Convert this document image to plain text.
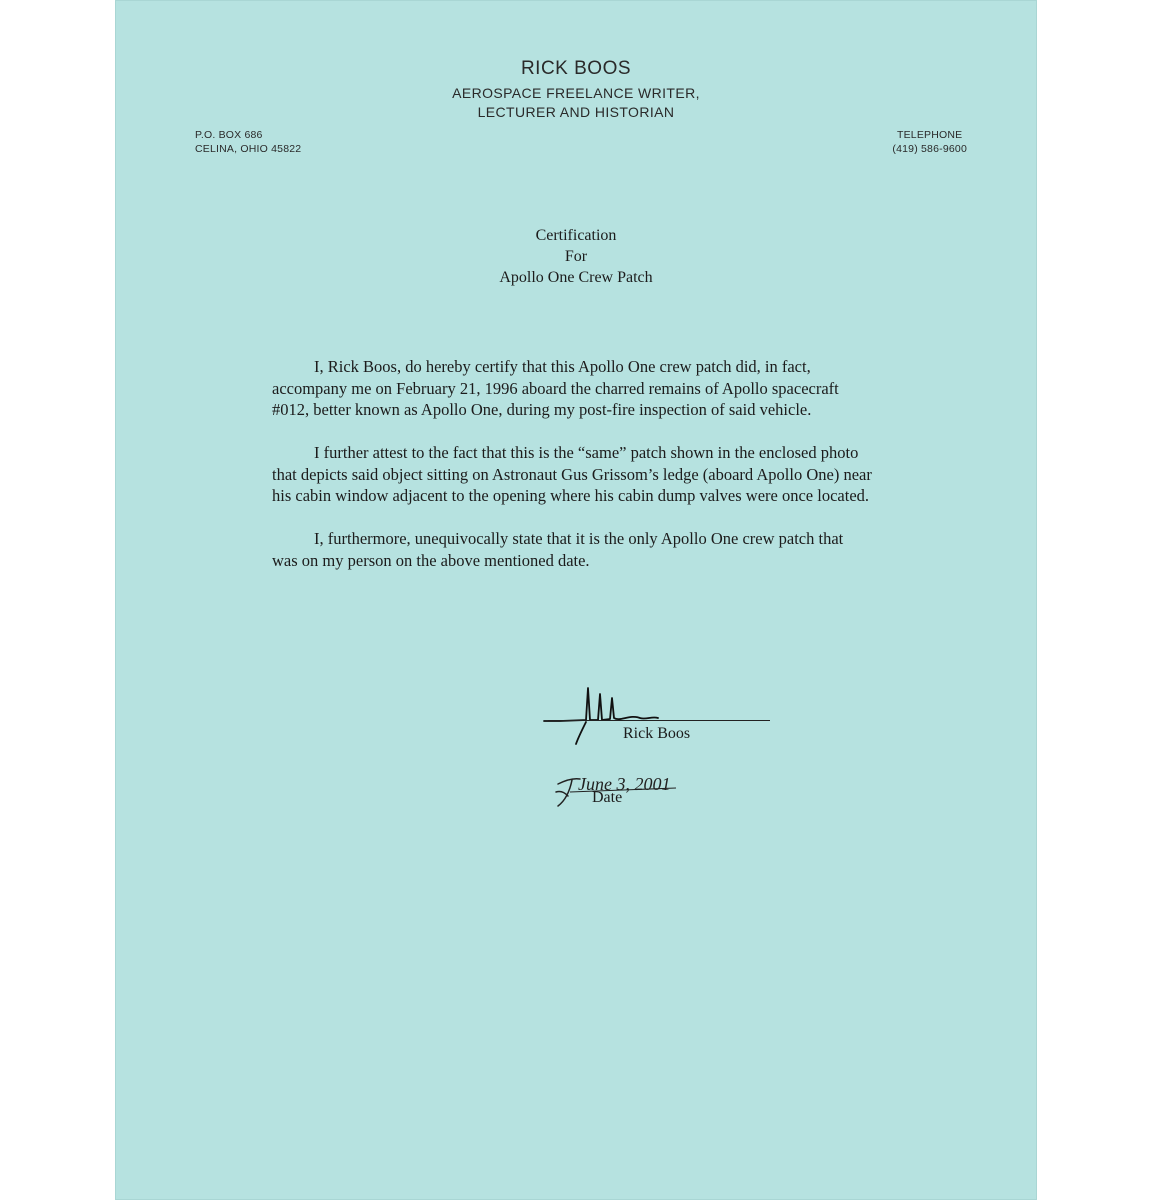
RICK BOOS
AEROSPACE FREELANCE WRITER,
LECTURER AND HISTORIAN
P.O. BOX 686
CELINA, OHIO 45822
TELEPHONE
(419) 586-9600
Certification
For
Apollo One Crew Patch

I, Rick Boos, do hereby certify that this Apollo One crew patch did, in fact, accompany me on February 21, 1996 aboard the charred remains of Apollo spacecraft #012, better known as Apollo One, during my post-fire inspection of said vehicle.

I further attest to the fact that this is the “same” patch shown in the enclosed photo that depicts said object sitting on Astronaut Gus Grissom’s ledge (aboard Apollo One) near his cabin window adjacent to the opening where his cabin dump valves were once located.

I, furthermore, unequivocally state that it is the only Apollo One crew patch that was on my person on the above mentioned date.

June 3, 2001
Rick Boos
Date
